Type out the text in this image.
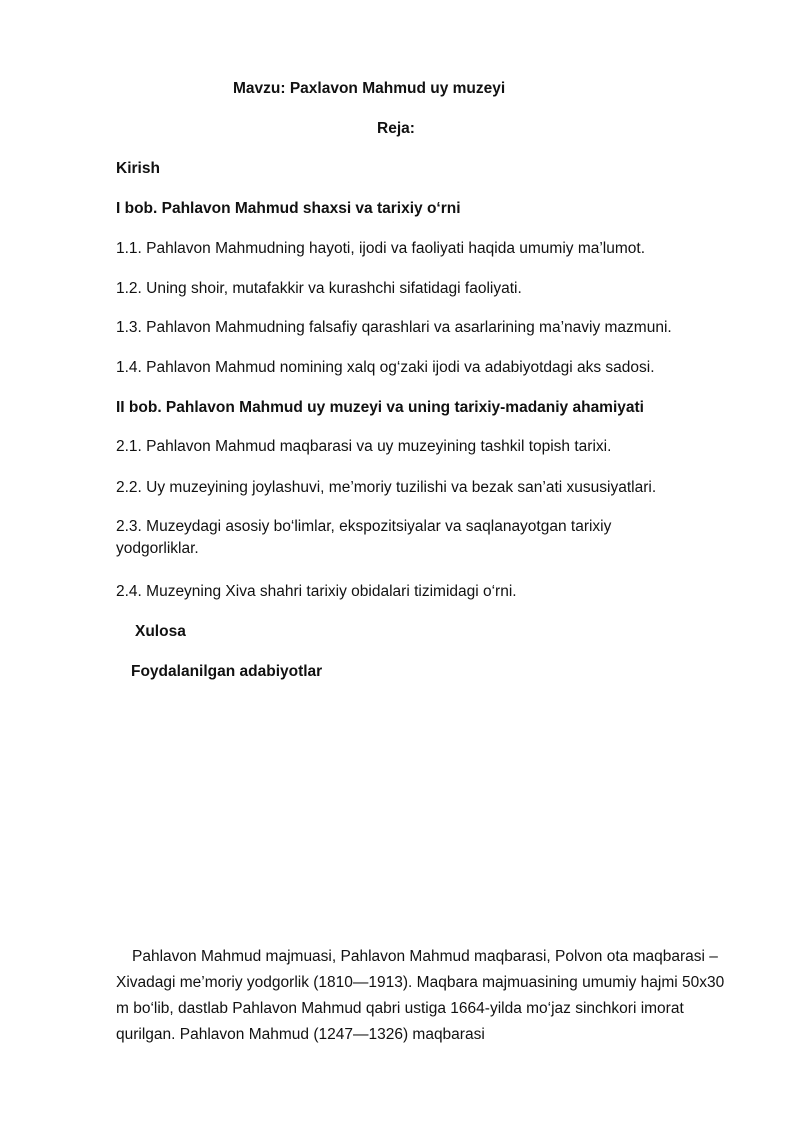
Mavzu: Paxlavon Mahmud uy muzeyi

Reja:

Kirish

I bob. Pahlavon Mahmud shaxsi va tarixiy o‘rni

1.1. Pahlavon Mahmudning hayoti, ijodi va faoliyati haqida umumiy ma’lumot.

1.2. Uning shoir, mutafakkir va kurashchi sifatidagi faoliyati.

1.3. Pahlavon Mahmudning falsafiy qarashlari va asarlarining ma’naviy mazmuni.

1.4. Pahlavon Mahmud nomining xalq og‘zaki ijodi va adabiyotdagi aks sadosi.

II bob. Pahlavon Mahmud uy muzeyi va uning tarixiy-madaniy ahamiyati

2.1. Pahlavon Mahmud maqbarasi va uy muzeyining tashkil topish tarixi.

2.2. Uy muzeyining joylashuvi, me’moriy tuzilishi va bezak san’ati xususiyatlari.

2.3. Muzeydagi asosiy bo‘limlar, ekspozitsiyalar va saqlanayotgan tarixiy yodgorliklar.

2.4. Muzeyning Xiva shahri tarixiy obidalari tizimidagi o‘rni.

Xulosa

Foydalanilgan adabiyotlar

Pahlavon Mahmud majmuasi, Pahlavon Mahmud maqbarasi, Polvon ota maqbarasi – Xivadagi me’moriy yodgorlik (1810—1913). Maqbara majmuasining umumiy hajmi 50x30 m bo‘lib, dastlab Pahlavon Mahmud qabri ustiga 1664-yilda mo‘jaz sinchkori imorat qurilgan. Pahlavon Mahmud (1247—1326) maqbarasi
